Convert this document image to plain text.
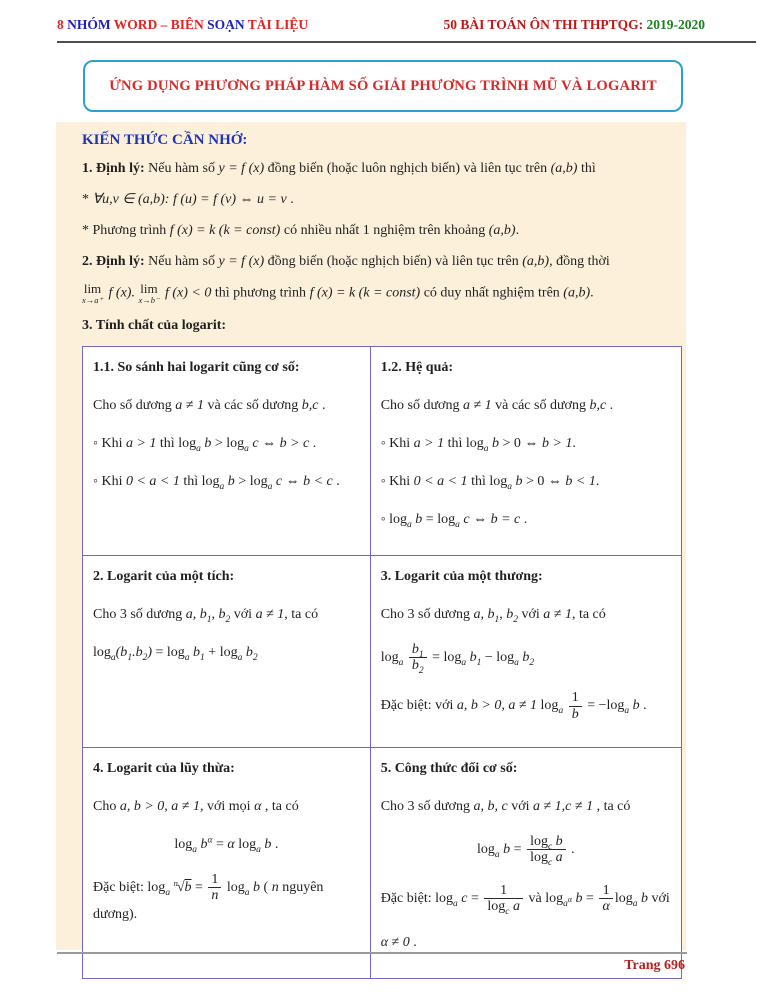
8 NHÓM WORD – BIÊN SOẠN TÀI LIỆU	50 BÀI TOÁN ÔN THI THPTQG: 2019-2020
ỨNG DỤNG PHƯƠNG PHÁP HÀM SỐ GIẢI PHƯƠNG TRÌNH MŨ VÀ LOGARIT
KIẾN THỨC CẦN NHỚ:
1. Định lý: Nếu hàm số y = f (x) đồng biến (hoặc luôn nghịch biến) và liên tục trên (a,b) thì
* ∀u,v ∈ (a,b): f (u) = f (v) ⇔ u = v .
* Phương trình f (x) = k (k = const) có nhiều nhất 1 nghiệm trên khoảng (a,b).
2. Định lý: Nếu hàm số y = f (x) đồng biến (hoặc nghịch biến) và liên tục trên (a,b), đồng thời
lim
x→a⁺ f (x). lim
x→b⁻ f (x) < 0 thì phương trình f (x) = k (k = const) có duy nhất nghiệm trên (a,b).
3. Tính chất của logarit:
1.1. So sánh hai logarit cũng cơ số:
Cho số dương a ≠ 1 và các số dương b,c .
◦ Khi a > 1 thì $\log_a b > \log_a c$ ⇔ b > c .
◦ Khi 0 < a < 1 thì $\log_a b > \log_a c$ ⇔ b < c .

1.2. Hệ quả:
Cho số dương a ≠ 1 và các số dương b,c .
◦ Khi a > 1 thì $\log_a b > 0$ ⇔ b > 1.
◦ Khi 0 < a < 1 thì $\log_a b > 0$ ⇔ b < 1.
◦ $\log_a b = \log_a c$ ⇔ b = c .

2. Logarit của một tích:
Cho 3 số dương a, $b_1$, $b_2$ với a ≠ 1, ta có
$\log_a(b_1.b_2) = \log_a b_1 + \log_a b_2$

3. Logarit của một thương:
Cho 3 số dương a, $b_1$, $b_2$ với a ≠ 1, ta có
$\log_a \frac{b_1}{b_2} = \log_a b_1 - \log_a b_2$
Đặc biệt: với a, b > 0, a ≠ 1 $\log_a \frac{1}{b} = -\log_a$ b .

4. Logarit của lũy thừa:
Cho a, b > 0, a ≠ 1, với mọi α , ta có
$\log_a b^\alpha = \alpha$ $\log_a b$ .
Đặc biệt: $\log_a ^n√b = \frac{1}{n} \log_a b$ ( n nguyên dương).

5. Công thức đổi cơ số:
Cho 3 số dương a, b, c với a ≠ 1,c ≠ 1 , ta có
$\log_a b = \frac{\log_c b}{\log_c a}$ .
Đặc biệt: $\log_a c = \frac{1}{\log_c a}$ và $\log_{a^\alpha} b = \frac{1}{\alpha} \log_a b$ với
α ≠ 0 .
Trang 696
